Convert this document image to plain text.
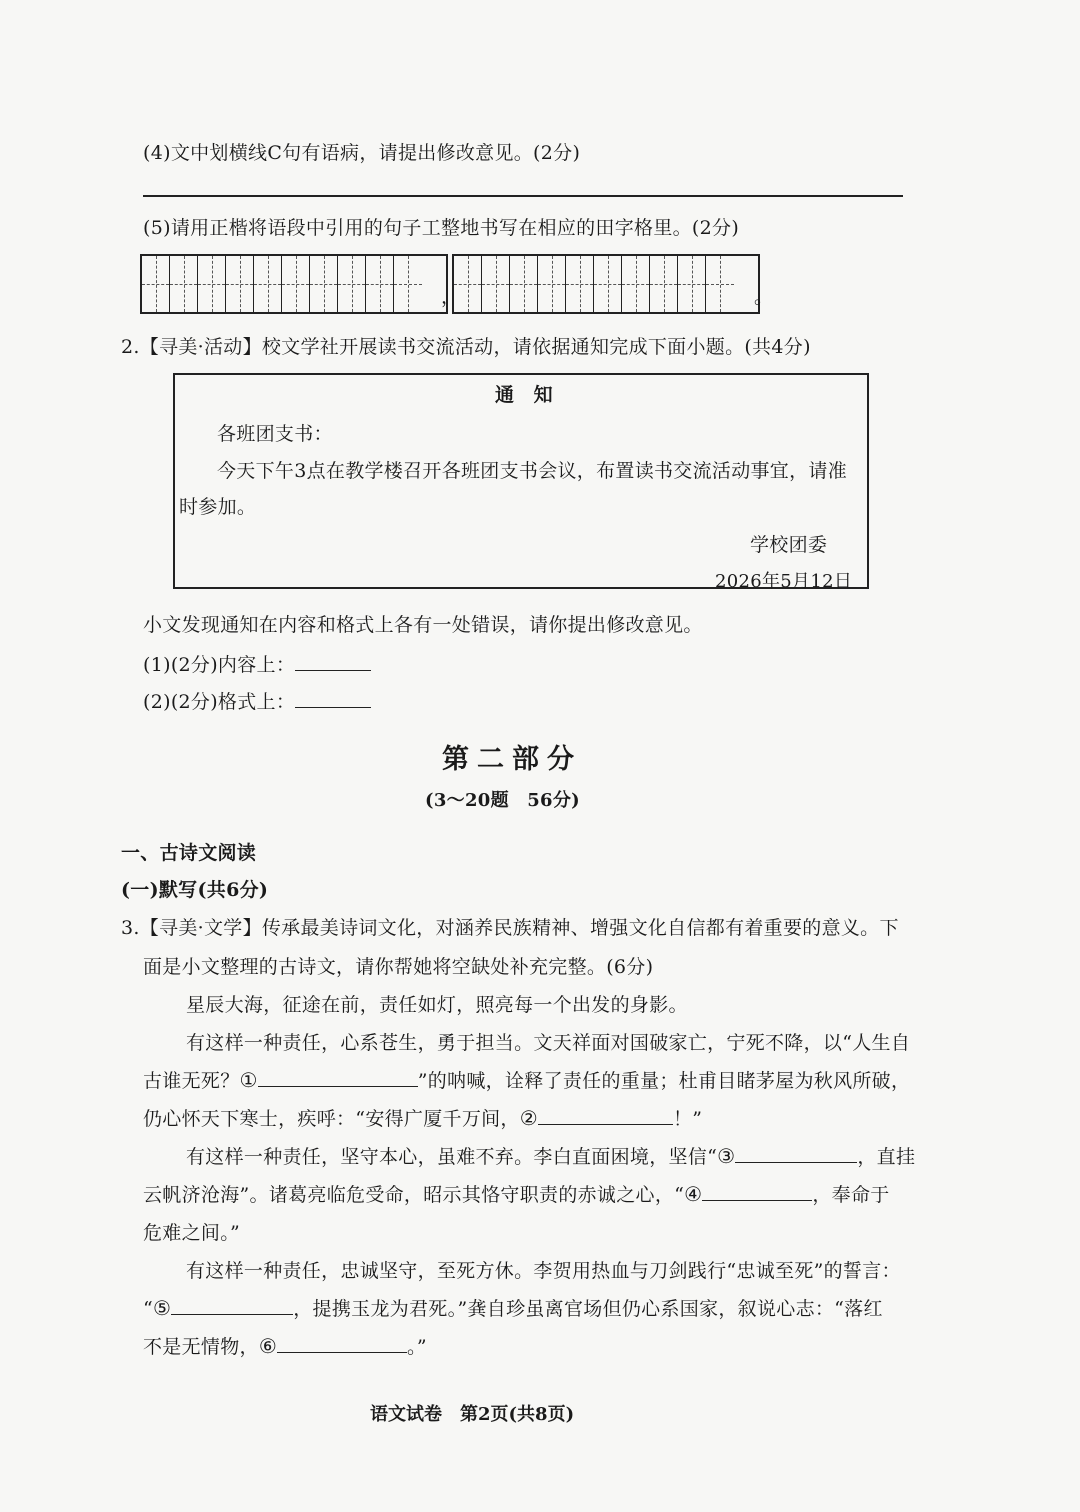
(4)文中划横线C句有语病，请提出修改意见。(2分)
(5)请用正楷将语段中引用的句子工整地书写在相应的田字格里。(2分)
，	。
2.【寻美·活动】校文学社开展读书交流活动，请依据通知完成下面小题。(共4分)
通　知
各班团支书：
今天下午3点在教学楼召开各班团支书会议，布置读书交流活动事宜，请准
时参加。
学校团委
2026年5月12日
小文发现通知在内容和格式上各有一处错误，请你提出修改意见。
(1)(2分)内容上：
(2)(2分)格式上：
第二部分
(3～20题　56分)
一、古诗文阅读
(一)默写(共6分)
3.【寻美·文学】传承最美诗词文化，对涵养民族精神、增强文化自信都有着重要的意义。下
面是小文整理的古诗文，请你帮她将空缺处补充完整。(6分)
星辰大海，征途在前，责任如灯，照亮每一个出发的身影。
有这样一种责任，心系苍生，勇于担当。文天祥面对国破家亡，宁死不降，以“人生自
古谁无死？①	”的呐喊，诠释了责任的重量；杜甫目睹茅屋为秋风所破，
仍心怀天下寒士，疾呼：“安得广厦千万间，②	！”
有这样一种责任，坚守本心，虽难不弃。李白直面困境，坚信“③	，直挂
云帆济沧海”。诸葛亮临危受命，昭示其恪守职责的赤诚之心，“④	，奉命于
危难之间。”
有这样一种责任，忠诚坚守，至死方休。李贺用热血与刀剑践行“忠诚至死”的誓言：
“⑤	，提携玉龙为君死。”龚自珍虽离官场但仍心系国家，叙说心志：“落红
不是无情物，⑥	。”
语文试卷　第2页(共8页)
